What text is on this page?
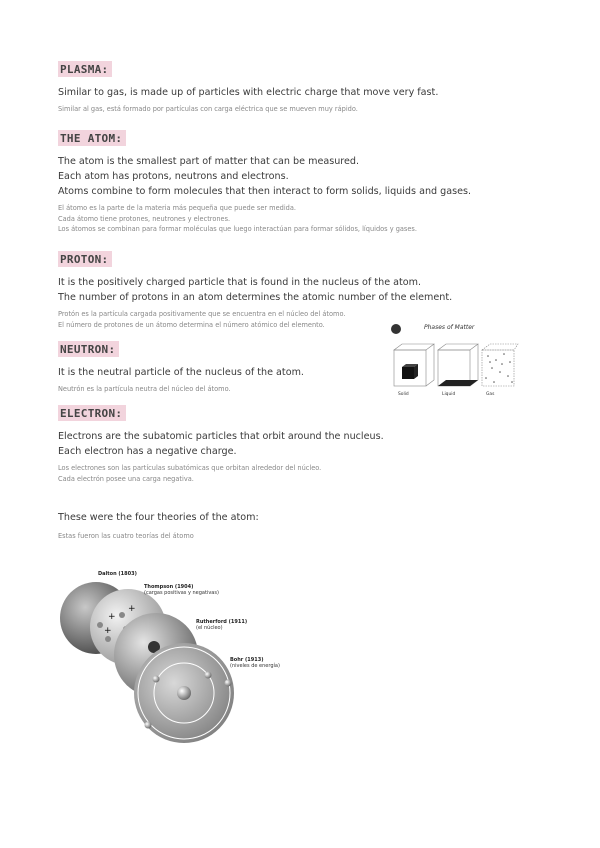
PLASMA:
Similar to gas, is made up of particles with electric charge that move very fast.
Similar al gas, está formado por partículas con carga eléctrica que se mueven muy rápido.
THE ATOM:
The atom is the smallest part of matter that can be measured.
Each atom has protons, neutrons and electrons.
Atoms combine to form molecules that then interact to form solids, liquids and gases.
El átomo es la parte de la materia más pequeña que puede ser medida.
Cada átomo tiene protones, neutrones y electrones.
Los átomos se combinan para formar moléculas que luego interactúan para formar sólidos, líquidos y gases.
PROTON:
It is the positively charged particle that is found in the nucleus of the atom.
The number of protons in an atom determines the atomic number of the element.
Protón es la partícula cargada positivamente que se encuentra en el núcleo del átomo.
El número de protones de un átomo determina el número atómico del elemento.
NEUTRON:
It is the neutral particle of the nucleus of the atom.
Neutrón es la partícula neutra del núcleo del átomo.
ELECTRON:
Electrons are the subatomic particles that orbit around the nucleus.
Each electron has a negative charge.
Los electrones son las partículas subatómicas que orbitan alrededor del núcleo.
Cada electrón posee una carga negativa.
These were the four theories of the atom:
Estas fueron las cuatro teorías del átomo
Phases of Matter
Solid	Liquid	Gas
+
+
+
Dalton (1803)
Thompson (1904)
(cargas positivas y negativas)
Rutherford (1911)
(el núcleo)
Bohr (1913)
(niveles de energía)
